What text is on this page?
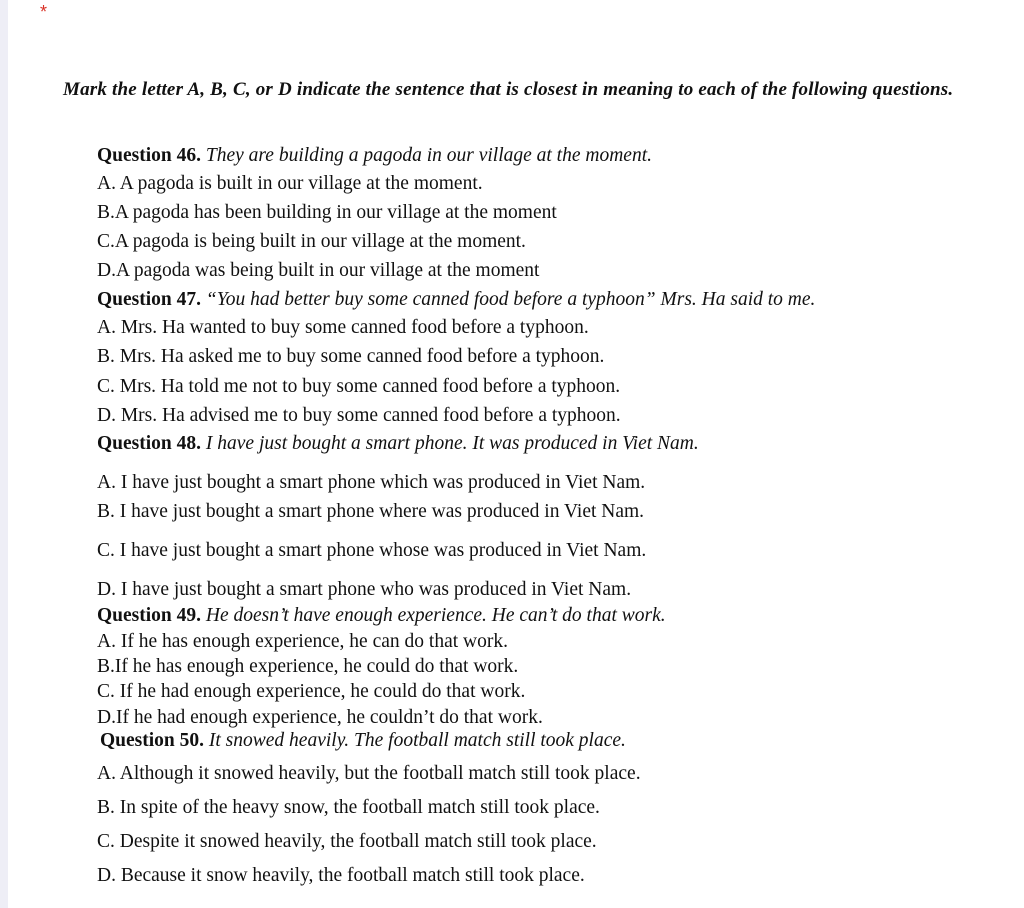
*
Mark the letter A, B, C, or D indicate the sentence that is closest in meaning to each of the following questions.
Question 46. They are building a pagoda in our village at the moment.
A. A pagoda is built in our village at the moment.
B.A pagoda has been building in our village at the moment
C.A pagoda is being built in our village at the moment.
D.A pagoda was being built in our village at the moment
Question 47. “You had better buy some canned food before a typhoon” Mrs. Ha said to me.
A. Mrs. Ha wanted to buy some canned food before a typhoon.
B. Mrs. Ha asked me to buy some canned food before a typhoon.
C. Mrs. Ha told me not to buy some canned food before a typhoon.
D. Mrs. Ha advised me to buy some canned food before a typhoon.
Question 48. I have just bought a smart phone. It was produced in Viet Nam.
A. I have just bought a smart phone which was produced in Viet Nam.
B. I have just bought a smart phone where was produced in Viet Nam.
C. I have just bought a smart phone whose was produced in Viet Nam.
D. I have just bought a smart phone who was produced in Viet Nam.
Question 49. He doesn’t have enough experience. He can’t do that work.
A. If he has enough experience, he can do that work.
B.If he has enough experience, he could do that work.
C. If he had enough experience, he could do that work.
D.If he had enough experience, he couldn’t do that work.
Question 50. It snowed heavily. The football match still took place.
A. Although it snowed heavily, but the football match still took place.
B. In spite of the heavy snow, the football match still took place.
C. Despite it snowed heavily, the football match still took place.
D. Because it snow heavily, the football match still took place.
